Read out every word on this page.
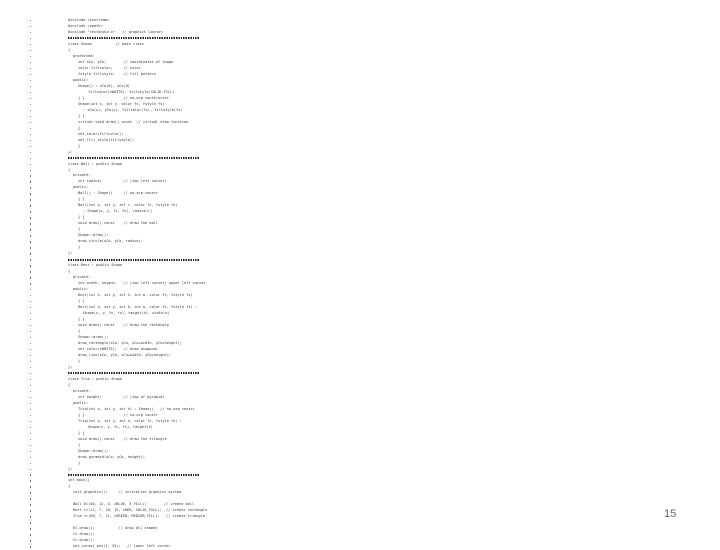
#include <iostream>
#include <cmath>
#include "rectangle.h"   // graphics library
class Shape           // base class
{
protected:
int xCo, yCo;        // coordinates of shape
color fillcolor;     // color
fstyle fillstyle;    // fill pattern
public:
Shape() : xCo(0), yCo(0)
fillcolor(cWHITE), fillstyle(SOLID_FILL)
{ }                  // no-arg constructor
Shape(int x, int y, color fc, fstyle fs)
: xCo(x), yCo(y), fillcolor(fc), fillstyle(fs)
{ }
virtual void draw() const  // virtual draw function
{
set_color(fillcolor);
set_fill_style(fillstyle);
}
};
class Ball : public Shape
{
private:
int radius;          // (top left corner)
public:
Ball() : Shape()     // no-arg constr
{ }
Ball(int x, int y, int r, color fc, fstyle fs)
: Shape(x, y, fc, fs), radius(r)
{ }
void draw() const    // draw the ball
{
Shape::draw();
draw_circle(xCo, yCo, radius);
}
};
class Rect : public Shape
{
private:
int width, height;   // (top left corner) upper left corner
public:
Rect(int x, int y, int h, int w, color fc, fstyle fs)
{ }
Rect(int x, int y, int h, int w, color fc, fstyle fs) :
Shape(x, y, fc, fs), height(h), width(w)
{ }
void draw() const    // draw the rectangle
{
Shape::draw();
draw_rectangle(xCo, yCo, xCo+width, yCo+height);
set_color(cWHITE);   // draw diagonal
draw_line(xCo, yCo, xCo+width, yCo+height);
}
};
class Tria : public Shape
{
private:
int height;          // (top of pyramid)
public:
Tria(int x, int y, int h) : Shape()   // no-arg constr
{ }                  // no-arg constr
Tria(int x, int y, int h, color fc, fstyle fs) :
Shape(x, y, fc, fs), height(h)
{ }
void draw() const    // draw the triangle
{
Shape::draw();
draw_pyramid(xCo, yCo, height);
}
};
int main()
{
init_graphics();     // initialize graphics system
Ball bl(40, 12, 5, cBLUE, X_FILL);        // create ball
Rect rc(12, 7, 10, 15, cRED, SOLID_FILL);  // create rectangle
Tria tr(60, 7, 11, cGREEN, MEDIUM_FILL);   // create triangle
bl.draw();           // draw all shapes
rc.draw();
tr.draw();
set_cursor_pos(1, 25);   // lower left corner
15
